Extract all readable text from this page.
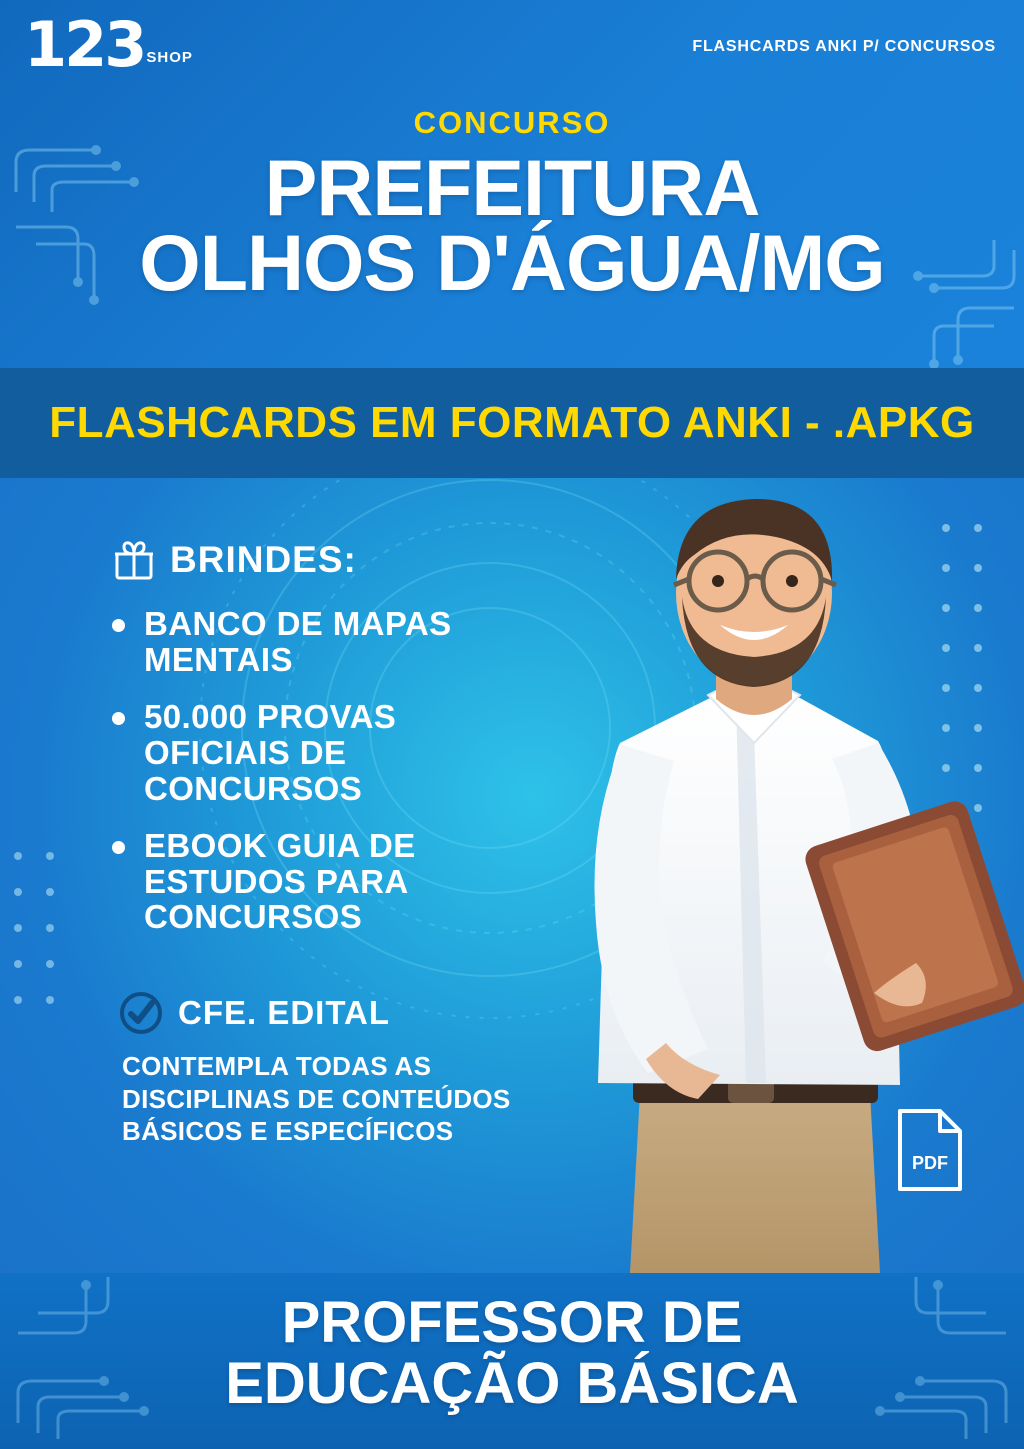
123 SHOP
FLASHCARDS ANKI P/ CONCURSOS
CONCURSO
PREFEITURA
OLHOS D'ÁGUA/MG
FLASHCARDS EM FORMATO ANKI - .APKG
BRINDES:
BANCO DE MAPAS MENTAIS
50.000 PROVAS OFICIAIS DE CONCURSOS
EBOOK GUIA DE ESTUDOS PARA CONCURSOS
CFE. EDITAL
CONTEMPLA TODAS AS DISCIPLINAS DE CONTEÚDOS BÁSICOS E ESPECÍFICOS
PDF
PROFESSOR DE
EDUCAÇÃO BÁSICA
